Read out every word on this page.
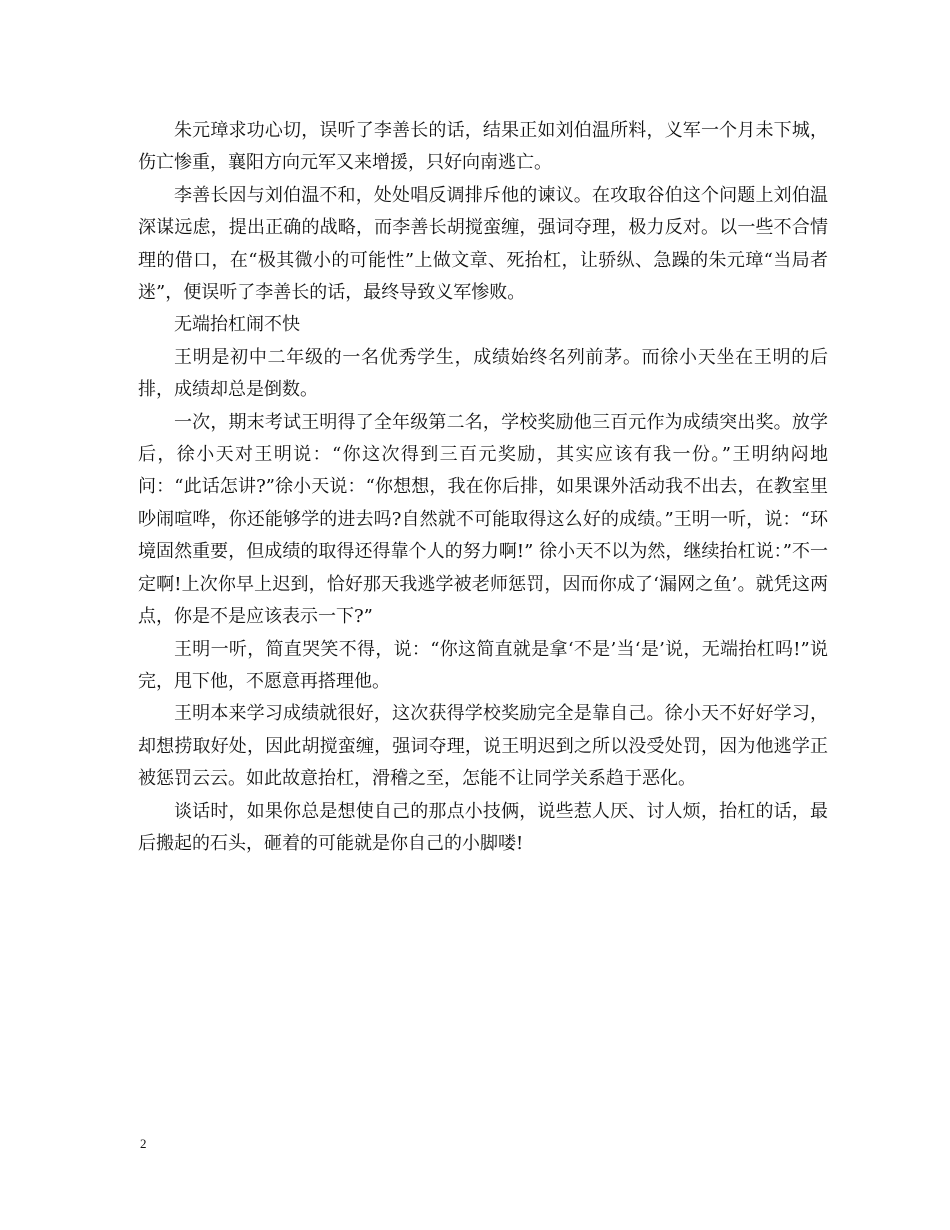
朱元璋求功心切，误听了李善长的话，结果正如刘伯温所料，义军一个月未下城，伤亡惨重，襄阳方向元军又来增援，只好向南逃亡。

李善长因与刘伯温不和，处处唱反调排斥他的谏议。在攻取谷伯这个问题上刘伯温深谋远虑，提出正确的战略，而李善长胡搅蛮缠，强词夺理，极力反对。以一些不合情理的借口，在“极其微小的可能性”上做文章、死抬杠，让骄纵、急躁的朱元璋“当局者迷”，便误听了李善长的话，最终导致义军惨败。

无端抬杠闹不快

王明是初中二年级的一名优秀学生，成绩始终名列前茅。而徐小天坐在王明的后排，成绩却总是倒数。

一次，期末考试王明得了全年级第二名，学校奖励他三百元作为成绩突出奖。放学后，徐小天对王明说：“你这次得到三百元奖励，其实应该有我一份。”王明纳闷地问：“此话怎讲?”徐小天说：“你想想，我在你后排，如果课外活动我不出去，在教室里吵闹喧哗，你还能够学的进去吗?自然就不可能取得这么好的成绩。”王明一听，说：“环境固然重要，但成绩的取得还得靠个人的努力啊!” 徐小天不以为然，继续抬杠说：”不一定啊!上次你早上迟到，恰好那天我逃学被老师惩罚，因而你成了‘漏网之鱼’。就凭这两点，你是不是应该表示一下?”

王明一听，简直哭笑不得，说：“你这简直就是拿‘不是’当‘是’说，无端抬杠吗!”说完，甩下他，不愿意再搭理他。

王明本来学习成绩就很好，这次获得学校奖励完全是靠自己。徐小天不好好学习，却想捞取好处，因此胡搅蛮缠，强词夺理，说王明迟到之所以没受处罚，因为他逃学正被惩罚云云。如此故意抬杠，滑稽之至，怎能不让同学关系趋于恶化。

谈话时，如果你总是想使自己的那点小技俩，说些惹人厌、讨人烦，抬杠的话，最后搬起的石头，砸着的可能就是你自己的小脚喽!

2
